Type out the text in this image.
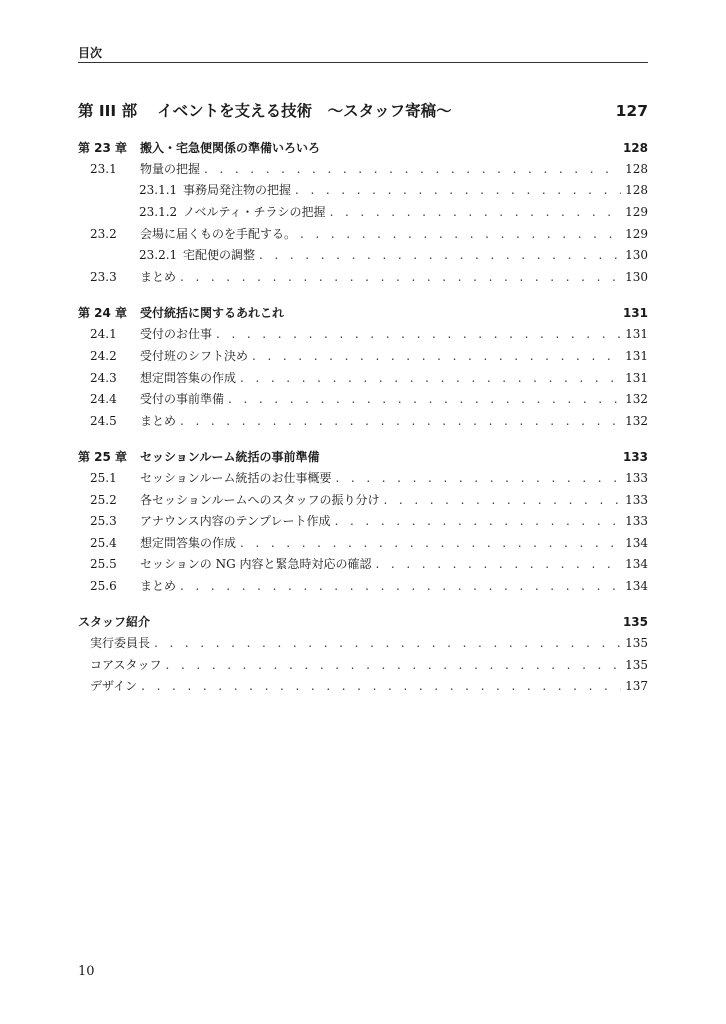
目次
第 III 部 イベントを支える技術　〜スタッフ寄稿〜	127
第 23 章	搬入・宅急便関係の準備いろいろ	128
23.1	物量の把握 . . .	128
23.1.1 事務局発注物の把握 . . .	128
23.1.2 ノベルティ・チラシの把握 . . .	129
23.2	会場に届くものを手配する。 . . .	129
23.2.1 宅配便の調整 . . .	130
23.3	まとめ . . .	130
第 24 章	受付統括に関するあれこれ	131
24.1	受付のお仕事 . . .	131
24.2	受付班のシフト決め . . .	131
24.3	想定問答集の作成 . . .	131
24.4	受付の事前準備 . . .	132
24.5	まとめ . . .	132
第 25 章	セッションルーム統括の事前準備	133
25.1	セッションルーム統括のお仕事概要 . . .	133
25.2	各セッションルームへのスタッフの振り分け . . .	133
25.3	アナウンス内容のテンプレート作成 . . .	133
25.4	想定問答集の作成 . . .	134
25.5	セッションの NG 内容と緊急時対応の確認 . . .	134
25.6	まとめ . . .	134
スタッフ紹介	135
実行委員長 . . .	135
コアスタッフ . . .	135
デザイン . . .	137
10
